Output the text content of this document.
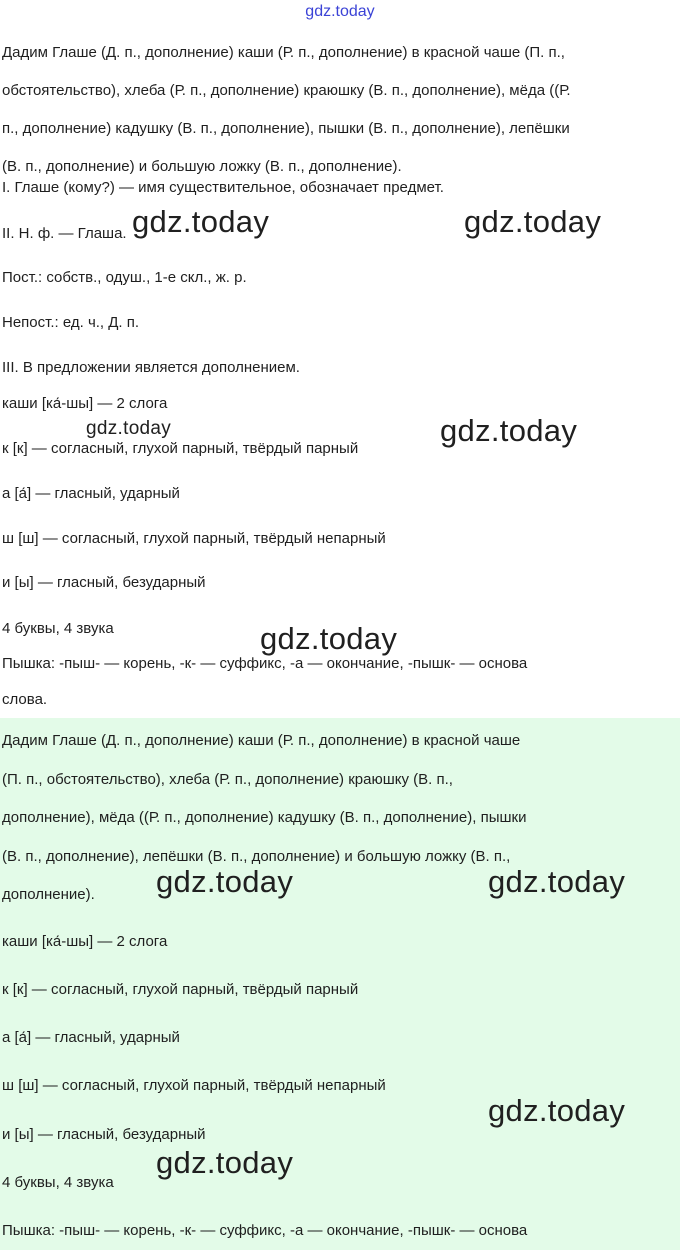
gdz.today
Дадим Глаше (Д. п., дополнение) каши (Р. п., дополнение) в красной чаше (П. п.,
обстоятельство), хлеба (Р. п., дополнение) краюшку (В. п., дополнение), мёда ((Р.
п., дополнение) кадушку (В. п., дополнение), пышки (В. п., дополнение), лепёшки
(В. п., дополнение) и большую ложку (В. п., дополнение).
I. Глаше (кому?) — имя существительное, обозначает предмет.
II. Н. ф. — Глаша.
Пост.: собств., одуш., 1-е скл., ж. р.
Непост.: ед. ч., Д. п.
III. В предложении является дополнением.
каши [ка́-шы] — 2 слога
к [к] — согласный, глухой парный, твёрдый парный
а [а́] — гласный, ударный
ш [ш] — согласный, глухой парный, твёрдый непарный
и [ы] — гласный, безударный
4 буквы, 4 звука
Пышка: -пыш- — корень, -к- — суффикс, -а — окончание, -пышк- — основа
слова.
Дадим Глаше (Д. п., дополнение) каши (Р. п., дополнение) в красной чаше
(П. п., обстоятельство), хлеба (Р. п., дополнение) краюшку (В. п.,
дополнение), мёда ((Р. п., дополнение) кадушку (В. п., дополнение), пышки
(В. п., дополнение), лепёшки (В. п., дополнение) и большую ложку (В. п.,
дополнение).
каши [ка́-шы] — 2 слога
к [к] — согласный, глухой парный, твёрдый парный
а [а́] — гласный, ударный
ш [ш] — согласный, глухой парный, твёрдый непарный
и [ы] — гласный, безударный
4 буквы, 4 звука
Пышка: -пыш- — корень, -к- — суффикс, -а — окончание, -пышк- — основа
gdz.today	gdz.today
gdz.today	gdz.today
gdz.today
gdz.today	gdz.today
gdz.today
gdz.today
